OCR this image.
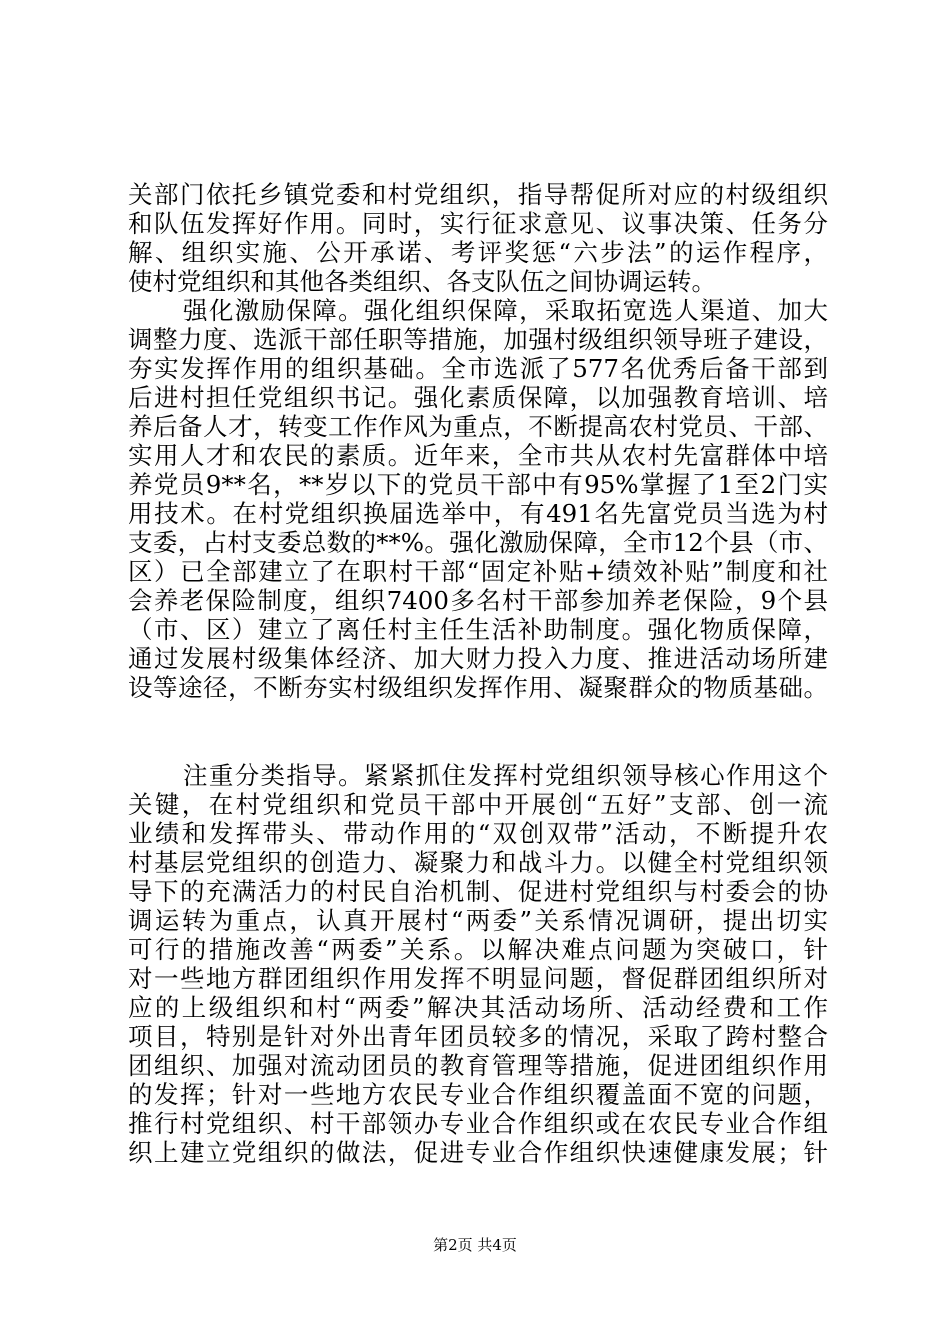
关部门依托乡镇党委和村党组织，指导帮促所对应的村级组织
和队伍发挥好作用。同时，实行征求意见、议事决策、任务分
解、组织实施、公开承诺、考评奖惩“六步法”的运作程序，
使村党组织和其他各类组织、各支队伍之间协调运转。
强化激励保障。强化组织保障，采取拓宽选人渠道、加大
调整力度、选派干部任职等措施，加强村级组织领导班子建设，
夯实发挥作用的组织基础。全市选派了577名优秀后备干部到
后进村担任党组织书记。强化素质保障，以加强教育培训、培
养后备人才，转变工作作风为重点，不断提高农村党员、干部、
实用人才和农民的素质。近年来，全市共从农村先富群体中培
养党员9**名，**岁以下的党员干部中有95%掌握了1至2门实
用技术。在村党组织换届选举中，有491名先富党员当选为村
支委，占村支委总数的**%。强化激励保障，全市12个县（市、
区）已全部建立了在职村干部“固定补贴+绩效补贴”制度和社
会养老保险制度，组织7400多名村干部参加养老保险，9个县
（市、区）建立了离任村主任生活补助制度。强化物质保障，
通过发展村级集体经济、加大财力投入力度、推进活动场所建
设等途径，不断夯实村级组织发挥作用、凝聚群众的物质基础。
注重分类指导。紧紧抓住发挥村党组织领导核心作用这个
关键，在村党组织和党员干部中开展创“五好”支部、创一流
业绩和发挥带头、带动作用的“双创双带”活动，不断提升农
村基层党组织的创造力、凝聚力和战斗力。以健全村党组织领
导下的充满活力的村民自治机制、促进村党组织与村委会的协
调运转为重点，认真开展村“两委”关系情况调研，提出切实
可行的措施改善“两委”关系。以解决难点问题为突破口，针
对一些地方群团组织作用发挥不明显问题，督促群团组织所对
应的上级组织和村“两委”解决其活动场所、活动经费和工作
项目，特别是针对外出青年团员较多的情况，采取了跨村整合
团组织、加强对流动团员的教育管理等措施，促进团组织作用
的发挥；针对一些地方农民专业合作组织覆盖面不宽的问题，
推行村党组织、村干部领办专业合作组织或在农民专业合作组
织上建立党组织的做法，促进专业合作组织快速健康发展；针
第2页 共4页
